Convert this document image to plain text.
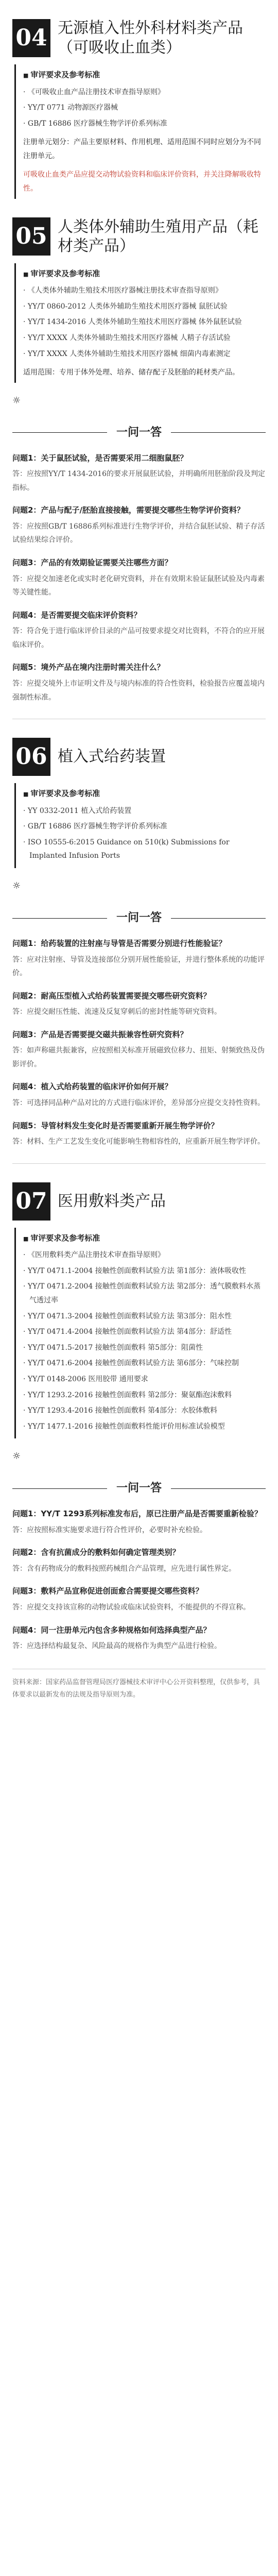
04 无源植入性外科材料类产品（可吸收止血类）
■ 审评要求及参考标准
· 《可吸收止血产品注册技术审查指导原则》
· YY/T 0771 动物源医疗器械
· GB/T 16886 医疗器械生物学评价系列标准
注册单元划分：产品主要原材料、作用机理、适用范围不同时应划分为不同注册单元。
可吸收止血类产品应提交动物试验资料和临床评价资料，并关注降解吸收特性。
05 人类体外辅助生殖用产品（耗材类产品）
■ 审评要求及参考标准
· 《人类体外辅助生殖技术用医疗器械注册技术审查指导原则》
· YY/T 0860-2012 人类体外辅助生殖技术用医疗器械 鼠胚试验
· YY/T 1434-2016 人类体外辅助生殖技术用医疗器械 体外鼠胚试验
· YY/T XXXX 人类体外辅助生殖技术用医疗器械 人精子存活试验
· YY/T XXXX 人类体外辅助生殖技术用医疗器械 细菌内毒素测定
适用范围：专用于体外处理、培养、储存配子及胚胎的耗材类产品。
☼
一问一答
问题1：关于鼠胚试验，是否需要采用二细胞鼠胚？
答：应按照YY/T 1434-2016的要求开展鼠胚试验，并明确所用胚胎阶段及判定指标。
问题2：产品与配子/胚胎直接接触，需要提交哪些生物学评价资料？
答：应按照GB/T 16886系列标准进行生物学评价，并结合鼠胚试验、精子存活试验结果综合评价。
问题3：产品的有效期验证需要关注哪些方面？
答：应提交加速老化或实时老化研究资料，并在有效期末验证鼠胚试验及内毒素等关键性能。
问题4：是否需要提交临床评价资料？
答：符合免于进行临床评价目录的产品可按要求提交对比资料，不符合的应开展临床评价。
问题5：境外产品在境内注册时需关注什么？
答：应提交境外上市证明文件及与境内标准的符合性资料，检验报告应覆盖境内强制性标准。
06 植入式给药装置
■ 审评要求及参考标准
· YY 0332-2011 植入式给药装置
· GB/T 16886 医疗器械生物学评价系列标准
· ISO 10555-6:2015 Guidance on 510(k) Submissions for Implanted Infusion Ports
☼
一问一答
问题1：给药装置的注射座与导管是否需要分别进行性能验证？
答：应对注射座、导管及连接部位分别开展性能验证，并进行整体系统的功能评价。
问题2：耐高压型植入式给药装置需要提交哪些研究资料？
答：应提交耐压性能、流速及反复穿刺后的密封性能等研究资料。
问题3：产品是否需要提交磁共振兼容性研究资料？
答：如声称磁共振兼容，应按照相关标准开展磁致位移力、扭矩、射频致热及伪影评价。
问题4：植入式给药装置的临床评价如何开展？
答：可选择同品种产品对比的方式进行临床评价，差异部分应提交支持性资料。
问题5：导管材料发生变化时是否需要重新开展生物学评价？
答：材料、生产工艺发生变化可能影响生物相容性的，应重新开展生物学评价。
07 医用敷料类产品
■ 审评要求及参考标准
· 《医用敷料类产品注册技术审查指导原则》
· YY/T 0471.1-2004 接触性创面敷料试验方法 第1部分：液体吸收性
· YY/T 0471.2-2004 接触性创面敷料试验方法 第2部分：透气膜敷料水蒸气透过率
· YY/T 0471.3-2004 接触性创面敷料试验方法 第3部分：阻水性
· YY/T 0471.4-2004 接触性创面敷料试验方法 第4部分：舒适性
· YY/T 0471.5-2017 接触性创面敷料 第5部分：阻菌性
· YY/T 0471.6-2004 接触性创面敷料试验方法 第6部分：气味控制
· YY/T 0148-2006 医用胶带 通用要求
· YY/T 1293.2-2016 接触性创面敷料 第2部分：聚氨酯泡沫敷料
· YY/T 1293.4-2016 接触性创面敷料 第4部分：水胶体敷料
· YY/T 1477.1-2016 接触性创面敷料性能评价用标准试验模型
☼
一问一答
问题1：YY/T 1293系列标准发布后，原已注册产品是否需要重新检验？
答：应按照标准实施要求进行符合性评价，必要时补充检验。
问题2：含有抗菌成分的敷料如何确定管理类别？
答：含有药物成分的敷料按照药械组合产品管理，应先进行属性界定。
问题3：敷料产品宣称促进创面愈合需要提交哪些资料？
答：应提交支持该宣称的动物试验或临床试验资料，不能提供的不得宣称。
问题4：同一注册单元内包含多种规格如何选择典型产品？
答：应选择结构最复杂、风险最高的规格作为典型产品进行检验。
资料来源：国家药品监督管理局医疗器械技术审评中心公开资料整理，仅供参考，具体要求以最新发布的法规及指导原则为准。
